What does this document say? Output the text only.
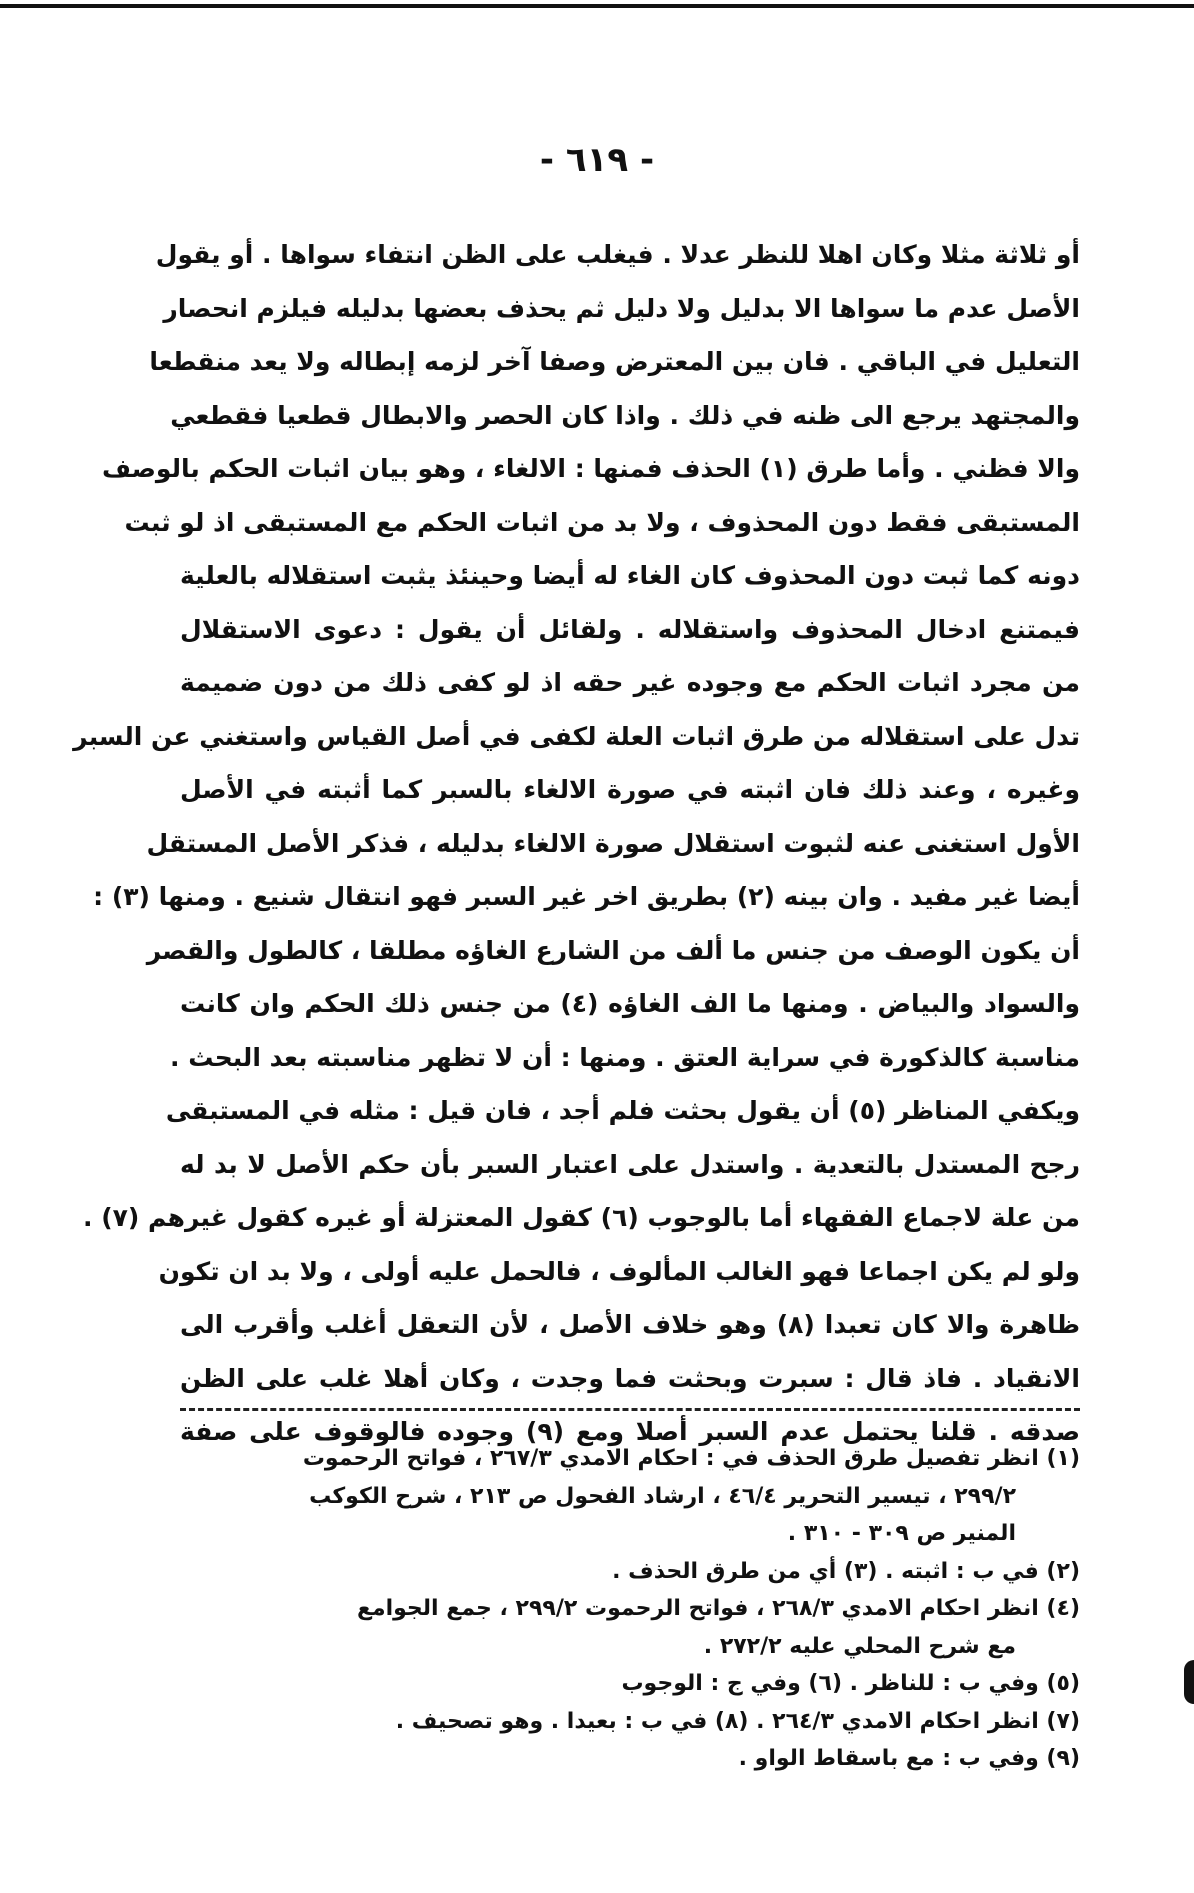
- ٦١٩ -
أو ثلاثة مثلا وكان اهلا للنظر عدلا . فيغلب على الظن انتفاء سواها . أو يقول
الأصل عدم ما سواها الا بدليل ولا دليل ثم يحذف بعضها بدليله فيلزم انحصار
التعليل في الباقي . فان بين المعترض وصفا آخر لزمه إبطاله ولا يعد منقطعا
والمجتهد يرجع الى ظنه في ذلك . واذا كان الحصر والابطال قطعيا فقطعي
والا فظني . وأما طرق (١) الحذف فمنها : الالغاء ، وهو بيان اثبات الحكم بالوصف
المستبقى فقط دون المحذوف ، ولا بد من اثبات الحكم مع المستبقى اذ لو ثبت
دونه كما ثبت دون المحذوف كان الغاء له أيضا وحينئذ يثبت استقلاله بالعلية
فيمتنع ادخال المحذوف واستقلاله . ولقائل أن يقول : دعوى الاستقلال
من مجرد اثبات الحكم مع وجوده غير حقه اذ لو كفى ذلك من دون ضميمة
تدل على استقلاله من طرق اثبات العلة لكفى في أصل القياس واستغني عن السبر
وغيره ، وعند ذلك فان اثبته في صورة الالغاء بالسبر كما أثبته في الأصل
الأول استغنى عنه لثبوت استقلال صورة الالغاء بدليله ، فذكر الأصل المستقل
أيضا غير مفيد . وان بينه (٢) بطريق اخر غير السبر فهو انتقال شنيع . ومنها (٣) :
أن يكون الوصف من جنس ما ألف من الشارع الغاؤه مطلقا ، كالطول والقصر
والسواد والبياض . ومنها ما الف الغاؤه (٤) من جنس ذلك الحكم وان كانت
مناسبة كالذكورة في سراية العتق . ومنها : أن لا تظهر مناسبته بعد البحث .
ويكفي المناظر (٥) أن يقول بحثت فلم أجد ، فان قيل : مثله في المستبقى
رجح المستدل بالتعدية . واستدل على اعتبار السبر بأن حكم الأصل لا بد له
من علة لاجماع الفقهاء أما بالوجوب (٦) كقول المعتزلة أو غيره كقول غيرهم (٧) .
ولو لم يكن اجماعا فهو الغالب المألوف ، فالحمل عليه أولى ، ولا بد ان تكون
ظاهرة والا كان تعبدا (٨) وهو خلاف الأصل ، لأن التعقل أغلب وأقرب الى
الانقياد . فاذ قال : سبرت وبحثت فما وجدت ، وكان أهلا غلب على الظن
صدقه . قلنا يحتمل عدم السبر أصلا ومع (٩) وجوده فالوقوف على صفة
(١) انظر تفصيل طرق الحذف في : احكام الامدي ٢٦٧/٣ ، فواتح الرحموت
٢٩٩/٢ ، تيسير التحرير ٤٦/٤ ، ارشاد الفحول ص ٢١٣ ، شرح الكوكب
المنير ص ٣٠٩ - ٣١٠ .
(٢) في ب : اثبته . (٣) أي من طرق الحذف .
(٤) انظر احكام الامدي ٢٦٨/٣ ، فواتح الرحموت ٢٩٩/٢ ، جمع الجوامع
مع شرح المحلي عليه ٢٧٢/٢ .
(٥) وفي ب : للناظر . (٦) وفي ج : الوجوب
(٧) انظر احكام الامدي ٢٦٤/٣ . (٨) في ب : بعيدا . وهو تصحيف .
(٩) وفي ب : مع باسقاط الواو .
